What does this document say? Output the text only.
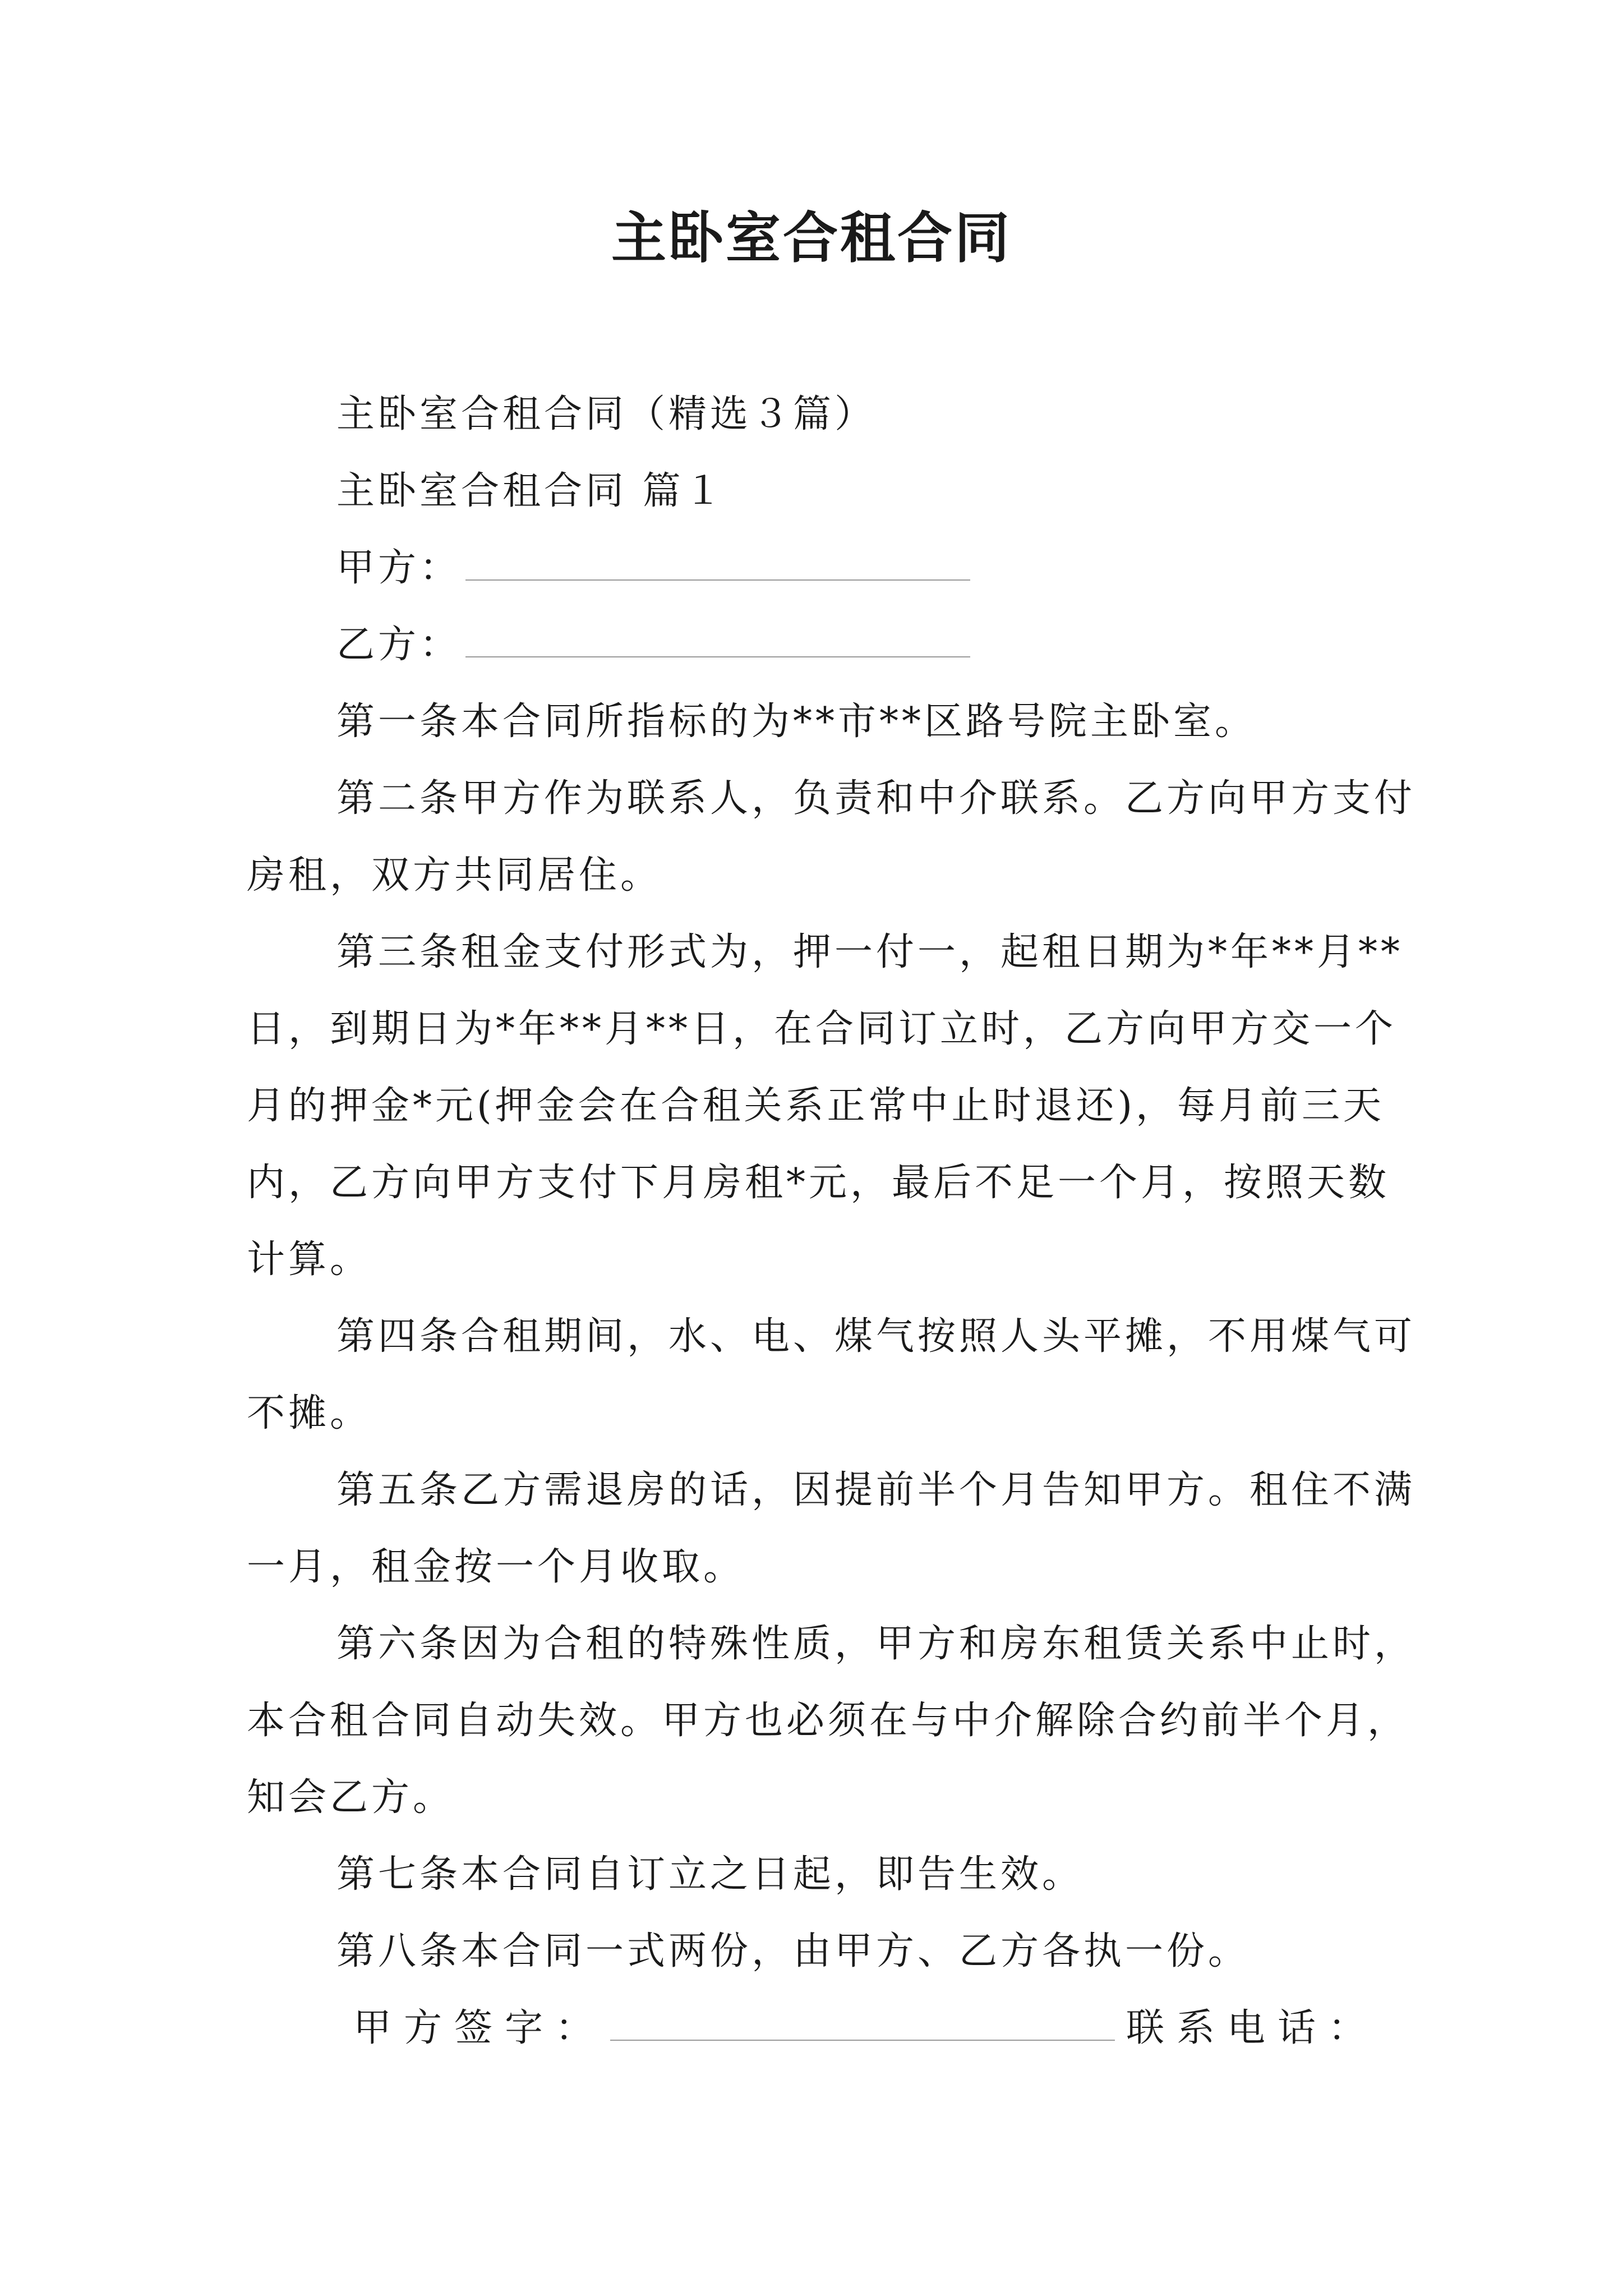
主卧室合租合同

主卧室合租合同（精选３篇）

主卧室合租合同 篇１

甲方：

乙方：

第一条本合同所指标的为**市**区路号院主卧室。

第二条甲方作为联系人，负责和中介联系。乙方向甲方支付房租，双方共同居住。

第三条租金支付形式为，押一付一，起租日期为*年**月**日，到期日为*年**月**日，在合同订立时，乙方向甲方交一个月的押金*元(押金会在合租关系正常中止时退还)，每月前三天内，乙方向甲方支付下月房租*元，最后不足一个月，按照天数计算。

第四条合租期间，水、电、煤气按照人头平摊，不用煤气可不摊。

第五条乙方需退房的话，因提前半个月告知甲方。租住不满一月，租金按一个月收取。

第六条因为合租的特殊性质，甲方和房东租赁关系中止时，本合租合同自动失效。甲方也必须在与中介解除合约前半个月，知会乙方。

第七条本合同自订立之日起，即告生效。

第八条本合同一式两份，由甲方、乙方各执一份。

甲方签字：	联系电话：
